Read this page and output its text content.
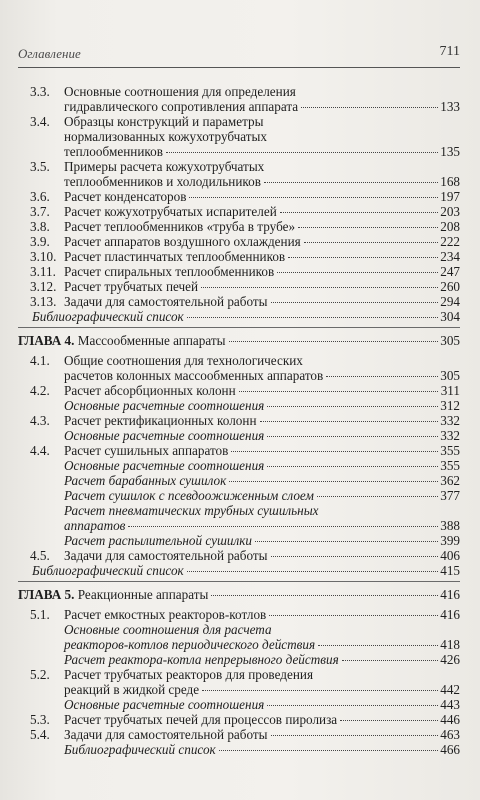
Оглавление	711
3.3. Основные соотношения для определения
гидравлического сопротивления аппарата	133
3.4. Образцы конструкций и параметры
нормализованных кожухотрубчатых
теплообменников	135
3.5. Примеры расчета кожухотрубчатых
теплообменников и холодильников	168
3.6. Расчет конденсаторов	197
3.7. Расчет кожухотрубчатых испарителей	203
3.8. Расчет теплообменников «труба в трубе»	208
3.9. Расчет аппаратов воздушного охлаждения	222
3.10. Расчет пластинчатых теплообменников	234
3.11. Расчет спиральных теплообменников	247
3.12. Расчет трубчатых печей	260
3.13. Задачи для самостоятельной работы	294
Библиографический список	304
ГЛАВА 4. Массообменные аппараты	305
4.1. Общие соотношения для технологических
расчетов колонных массообменных аппаратов	305
4.2. Расчет абсорбционных колонн	311
Основные расчетные соотношения	312
4.3. Расчет ректификационных колонн	332
Основные расчетные соотношения	332
4.4. Расчет сушильных аппаратов	355
Основные расчетные соотношения	355
Расчет барабанных сушилок	362
Расчет сушилок с псевдоожиженным слоем	377
Расчет пневматических трубных сушильных
аппаратов	388
Расчет распылительной сушилки	399
4.5. Задачи для самостоятельной работы	406
Библиографический список	415
ГЛАВА 5. Реакционные аппараты	416
5.1. Расчет емкостных реакторов-котлов	416
Основные соотношения для расчета
реакторов-котлов периодического действия	418
Расчет реактора-котла непрерывного действия	426
5.2. Расчет трубчатых реакторов для проведения
реакций в жидкой среде	442
Основные расчетные соотношения	443
5.3. Расчет трубчатых печей для процессов пиролиза	446
5.4. Задачи для самостоятельной работы	463
Библиографический список	466
